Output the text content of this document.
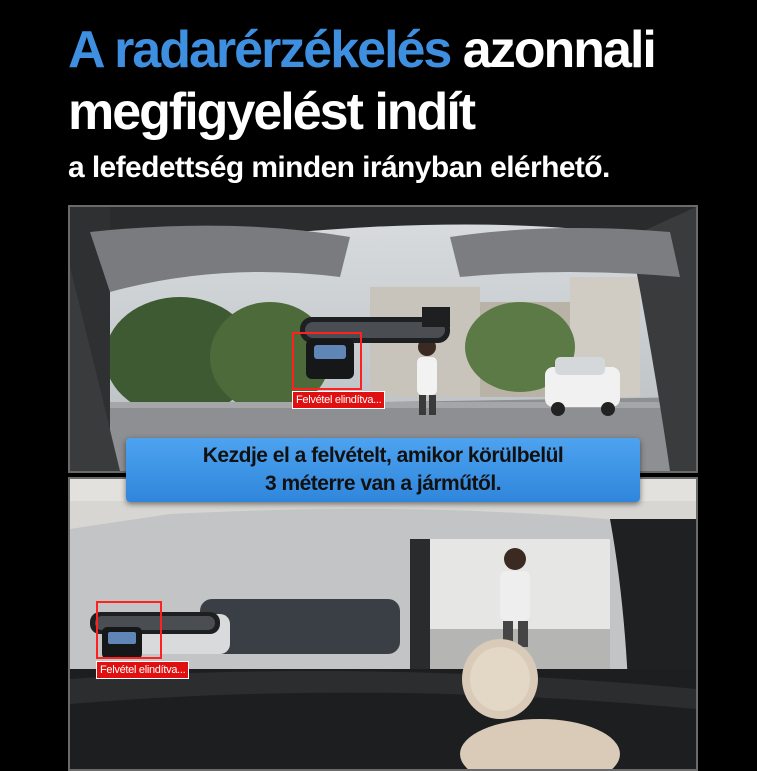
A radarérzékelés azonnali
megfigyelést indít
a lefedettség minden irányban elérhető.
Felvétel elindítva...
Felvétel elindítva...
Kezdje el a felvételt, amikor körülbelül
3 méterre van a járműtől.
